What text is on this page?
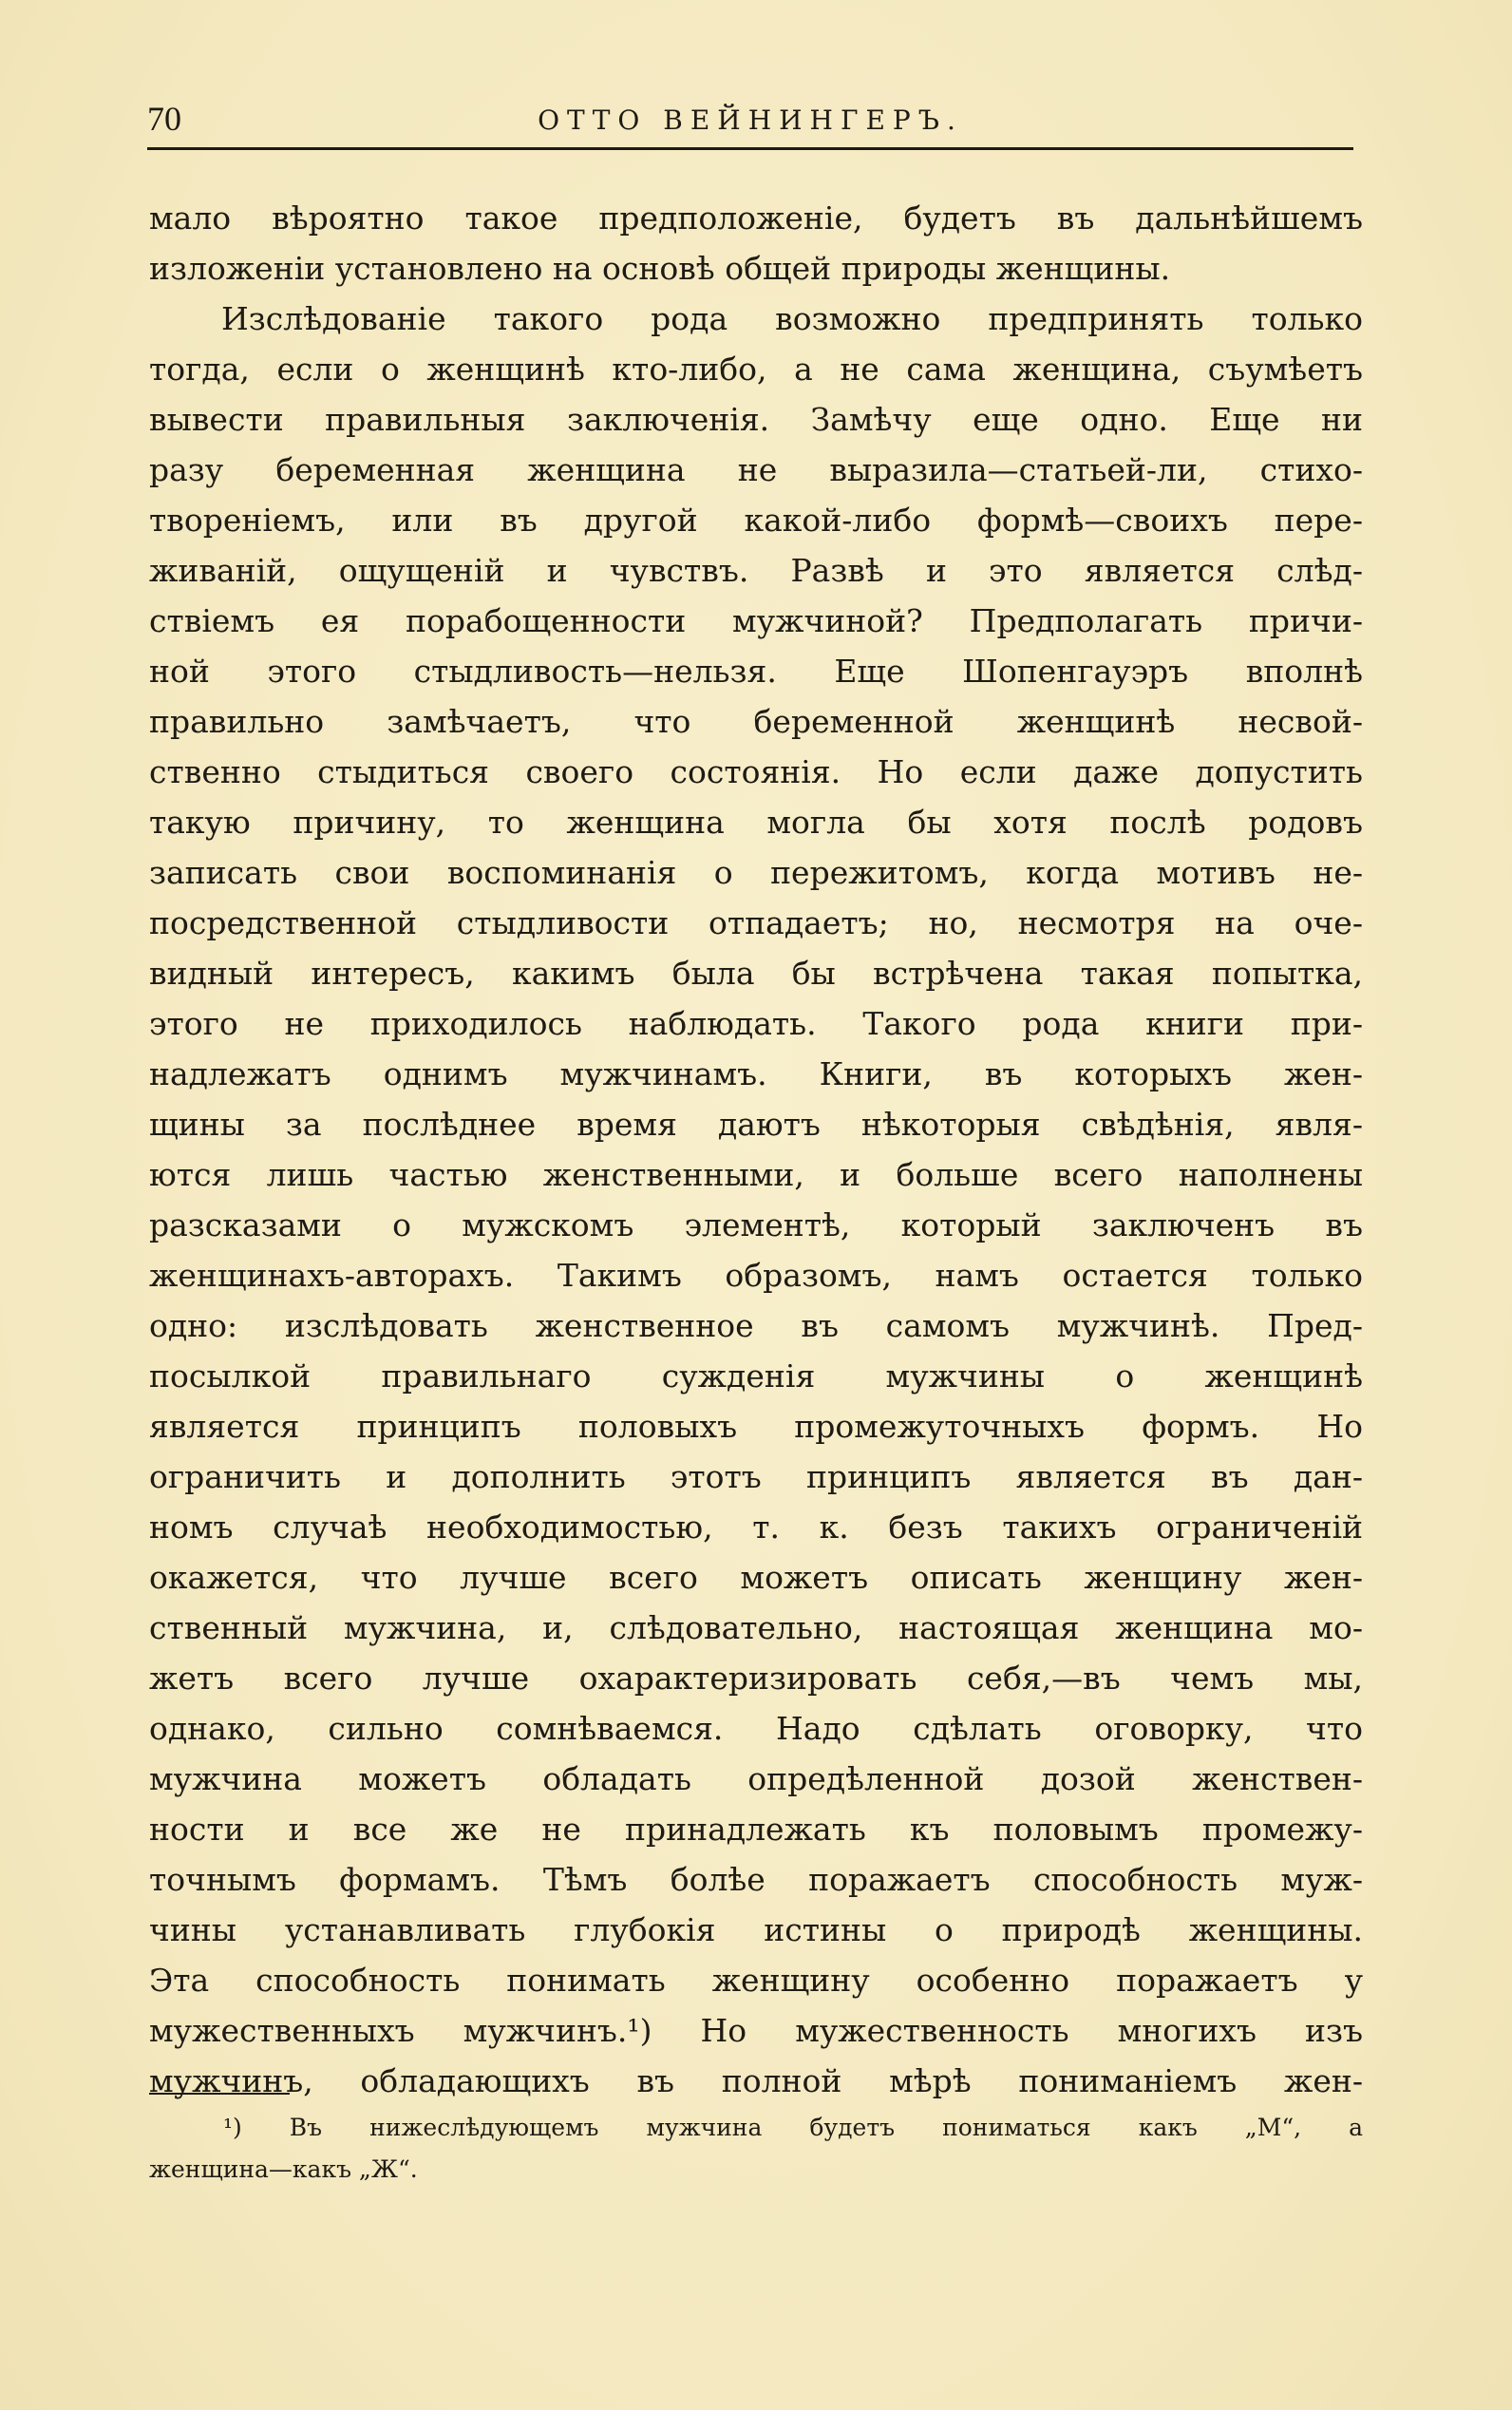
70	ОТТО ВЕЙНИНГЕРЪ.
мало вѣроятно такое предположенiе, будетъ въ дальнѣйшемъ
изложенiи установлено на основѣ общей природы женщины.
Изслѣдованiе такого рода возможно предпринять только
тогда, если о женщинѣ кто-либо, а не сама женщина, съумѣетъ
вывести правильныя заключенiя. Замѣчу еще одно. Еще ни
разу беременная женщина не выразила—статьей-ли, стихо-
творенiемъ, или въ другой какой-либо формѣ—своихъ пере-
живанiй, ощущенiй и чувствъ. Развѣ и это является слѣд-
ствiемъ ея порабощенности мужчиной? Предполагать причи-
ной этого стыдливость—нельзя. Еще Шопенгауэръ вполнѣ
правильно замѣчаетъ, что беременной женщинѣ несвой-
ственно стыдиться своего состоянiя. Но если даже допустить
такую причину, то женщина могла бы хотя послѣ родовъ
записать свои воспоминанiя о пережитомъ, когда мотивъ не-
посредственной стыдливости отпадаетъ; но, несмотря на оче-
видный интересъ, какимъ была бы встрѣчена такая попытка,
этого не приходилось наблюдать. Такого рода книги при-
надлежатъ однимъ мужчинамъ. Книги, въ которыхъ жен-
щины за послѣднее время даютъ нѣкоторыя свѣдѣнiя, явля-
ются лишь частью женственными, и больше всего наполнены
разсказами о мужскомъ элементѣ, который заключенъ въ
женщинахъ-авторахъ. Такимъ образомъ, намъ остается только
одно: изслѣдовать женственное въ самомъ мужчинѣ. Пред-
посылкой правильнаго сужденiя мужчины о женщинѣ
является принципъ половыхъ промежуточныхъ формъ. Но
ограничить и дополнить этотъ принципъ является въ дан-
номъ случаѣ необходимостью, т. к. безъ такихъ ограниченiй
окажется, что лучше всего можетъ описать женщину жен-
ственный мужчина, и, слѣдовательно, настоящая женщина мо-
жетъ всего лучше охарактеризировать себя,—въ чемъ мы,
однако, сильно сомнѣваемся. Надо сдѣлать оговорку, что
мужчина можетъ обладать опредѣленной дозой женствен-
ности и все же не принадлежать къ половымъ промежу-
точнымъ формамъ. Тѣмъ болѣе поражаетъ способность муж-
чины устанавливать глубокiя истины о природѣ женщины.
Эта способность понимать женщину особенно поражаетъ у
мужественныхъ мужчинъ.¹) Но мужественность многихъ изъ
мужчинъ, обладающихъ въ полной мѣрѣ пониманiемъ жен-
¹) Въ нижеслѣдующемъ мужчина будетъ пониматься какъ „М“, а
женщина—какъ „Ж“.
